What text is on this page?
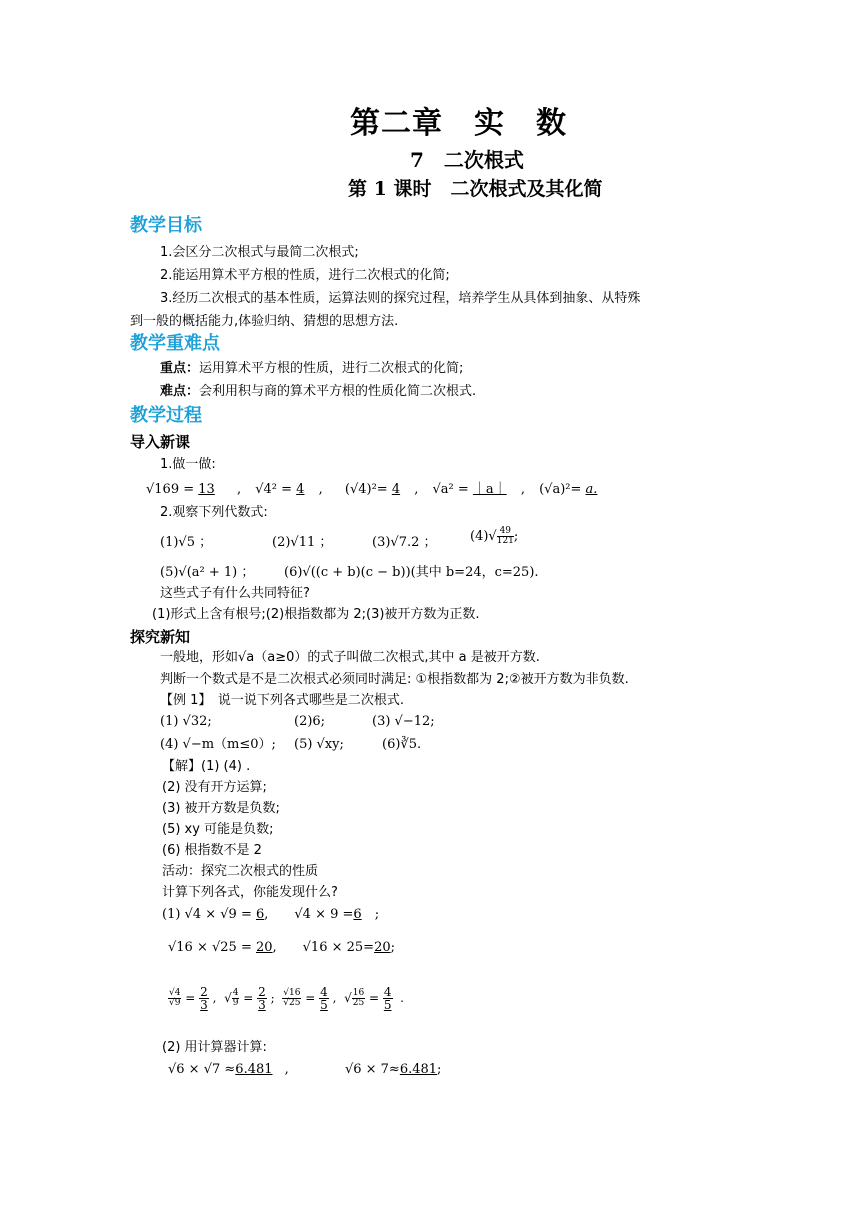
第二章　实　数
7　二次根式
第 1 课时　二次根式及其化简
教学目标
1.会区分二次根式与最简二次根式;
2.能运用算术平方根的性质，进行二次根式的化简;
3.经历二次根式的基本性质，运算法则的探究过程，培养学生从具体到抽象、从特殊
到一般的概括能力,体验归纳、猜想的思想方法.
教学重难点
重点：运用算术平方根的性质，进行二次根式的化简;
难点：会利用积与商的算术平方根的性质化简二次根式.
教学过程
导入新课
1.做一做:
√169 = 13 , √4² = 4 , (√4)²= 4 , √a² = ｜a｜ , (√a)²= a.
2.观察下列代数式:
(1)√5 ；	(2)√11 ；	(3)√7.2 ；	$(4)√ \frac{49}{121}$ ;
(5)√(a² + 1) ； (6)√((c + b)(c − b))(其中 b=24，c=25).
这些式子有什么共同特征?
(1)形式上含有根号;(2)根指数都为 2;(3)被开方数为正数.
探究新知
一般地，形如√a（a≥0）的式子叫做二次根式,其中 a 是被开方数.
判断一个数式是不是二次根式必须同时满足: ①根指数都为 2;②被开方数为非负数.
【例 1】　说一说下列各式哪些是二次根式.
(1) √32;	(2)6;	(3) √−12;
(4) √−m（m≤0）; (5) √xy;	(6)∛5.
【解】(1) (4) .
(2) 没有开方运算;
(3) 被开方数是负数;
(5) xy 可能是负数;
(6) 根指数不是 2
活动：探究二次根式的性质
计算下列各式，你能发现什么?
(1) √4 × √9 = 6,　　√4 × 9 =6　;
√16 × √25 = 20,　　√16 × 25=20;
$\frac{√4}{√9} = \frac{2}{3}$ ,  √ $\frac{4}{9} = \frac{2}{3}$ ; $\frac{√16}{√25} = \frac{4}{5}$ ,  √ $\frac{16}{25} = \frac{4}{5}$ .
(2) 用计算器计算:
√6 × √7 ≈6.481 ,	√6 × 7≈6.481;
